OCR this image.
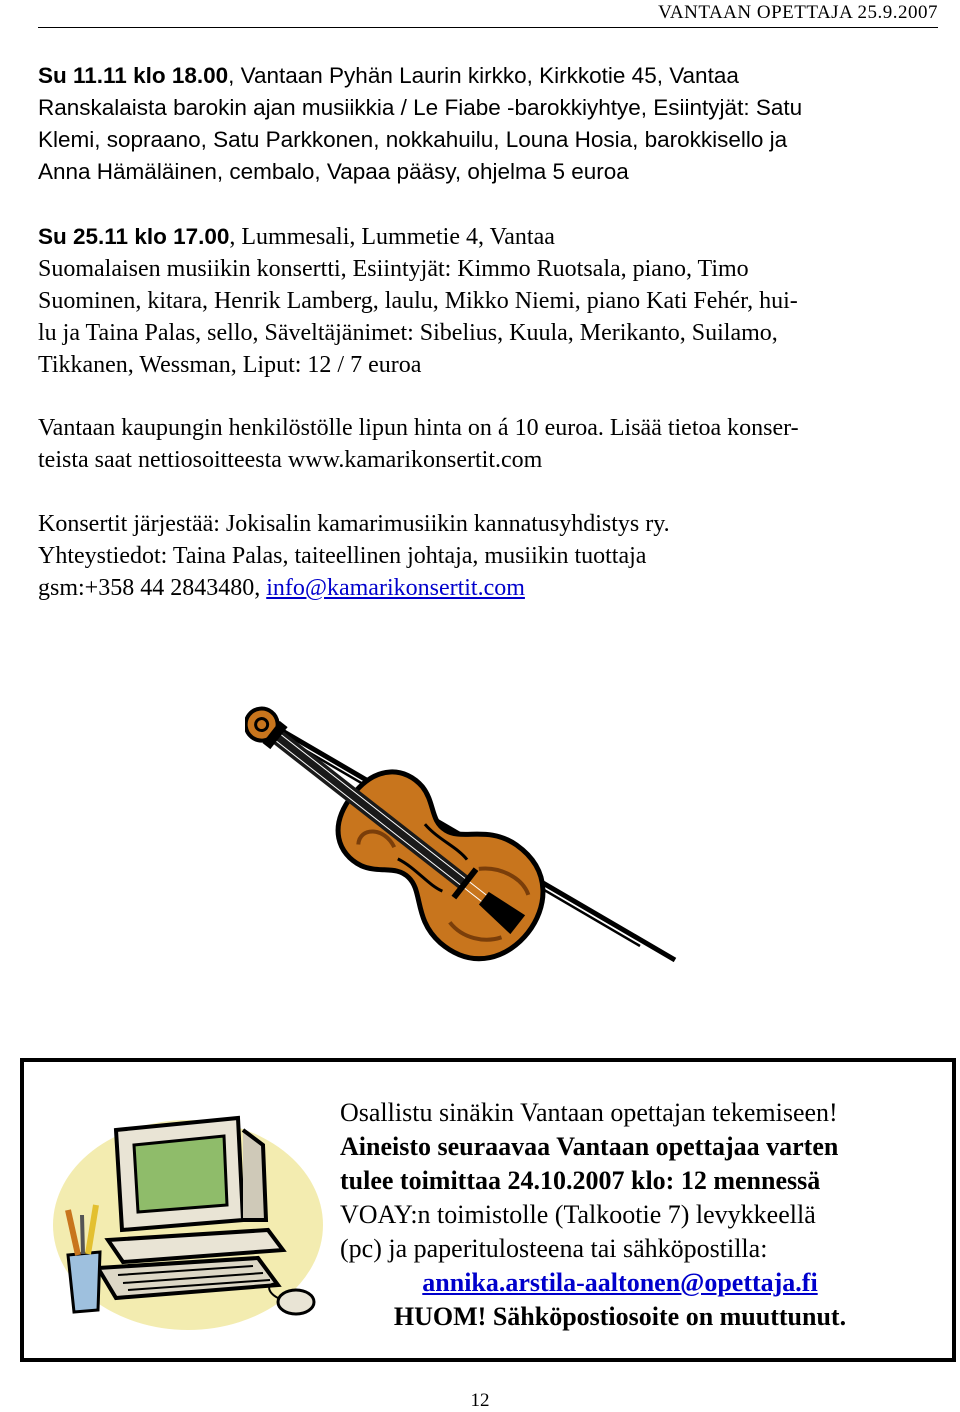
VANTAAN OPETTAJA 25.9.2007

Su 11.11 klo 18.00, Vantaan Pyhän Laurin kirkko, Kirkkotie 45, Vantaa

Ranskalaista barokin ajan musiikkia / Le Fiabe -barokkiyhtye, Esiintyjät: Satu

Klemi, sopraano, Satu Parkkonen, nokkahuilu, Louna Hosia, barokkisello ja

Anna Hämäläinen, cembalo, Vapaa pääsy, ohjelma 5 euroa

Su 25.11 klo 17.00, Lummesali, Lummetie 4, Vantaa

Suomalaisen musiikin konsertti, Esiintyjät: Kimmo Ruotsala, piano, Timo

Suominen, kitara, Henrik Lamberg, laulu, Mikko Niemi, piano Kati Fehér, hui-

lu ja Taina Palas, sello, Säveltäjänimet: Sibelius, Kuula, Merikanto, Suilamo,

Tikkanen, Wessman, Liput: 12 / 7 euroa

Vantaan kaupungin henkilöstölle lipun hinta on á 10 euroa. Lisää tietoa konser-

teista saat nettiosoitteesta www.kamarikonsertit.com

Konsertit järjestää: Jokisalin kamarimusiikin kannatusyhdistys ry.

Yhteystiedot: Taina Palas, taiteellinen johtaja, musiikin tuottaja

gsm:+358 44 2843480, info@kamarikonsertit.com

Osallistu sinäkin Vantaan opettajan tekemiseen!
Aineisto seuraavaa Vantaan opettajaa varten
tulee toimittaa 24.10.2007 klo: 12 mennessä
VOAY:n toimistolle (Talkootie 7) levykkeellä
(pc) ja paperitulosteena tai sähköpostilla:
annika.arstila-aaltonen@opettaja.fi
HUOM! Sähköpostiosoite on muuttunut.
12
